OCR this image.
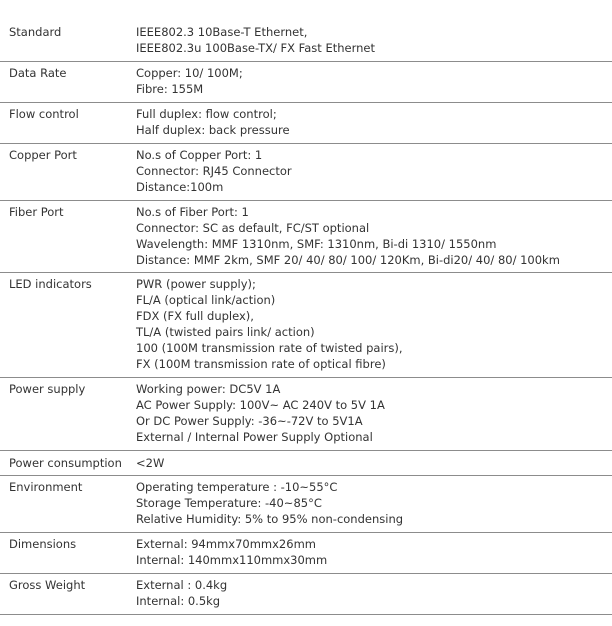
Standard	IEEE802.3 10Base-T Ethernet,
IEEE802.3u 100Base-TX/ FX Fast Ethernet
Data Rate	Copper: 10/ 100M;
Fibre: 155M
Flow control	Full duplex: flow control;
Half duplex: back pressure
Copper Port	No.s of Copper Port: 1
Connector: RJ45 Connector
Distance:100m
Fiber Port	No.s of Fiber Port: 1
Connector: SC as default, FC/ST optional
Wavelength: MMF 1310nm, SMF: 1310nm, Bi-di 1310/ 1550nm
Distance: MMF 2km, SMF 20/ 40/ 80/ 100/ 120Km, Bi-di20/ 40/ 80/ 100km
LED indicators	PWR (power supply);
FL/A (optical link/action)
FDX (FX full duplex),
TL/A (twisted pairs link/ action)
100 (100M transmission rate of twisted pairs),
FX (100M transmission rate of optical fibre)
Power supply	Working power: DC5V 1A
AC Power Supply: 100V~ AC 240V to 5V 1A
Or DC Power Supply: -36~-72V to 5V1A
External / Internal Power Supply Optional
Power consumption <2W
Environment	Operating temperature : -10~55°C
Storage Temperature: -40~85°C
Relative Humidity: 5% to 95% non-condensing
Dimensions	External: 94mmx70mmx26mm
Internal: 140mmx110mmx30mm
Gross Weight	External : 0.4kg
Internal: 0.5kg
